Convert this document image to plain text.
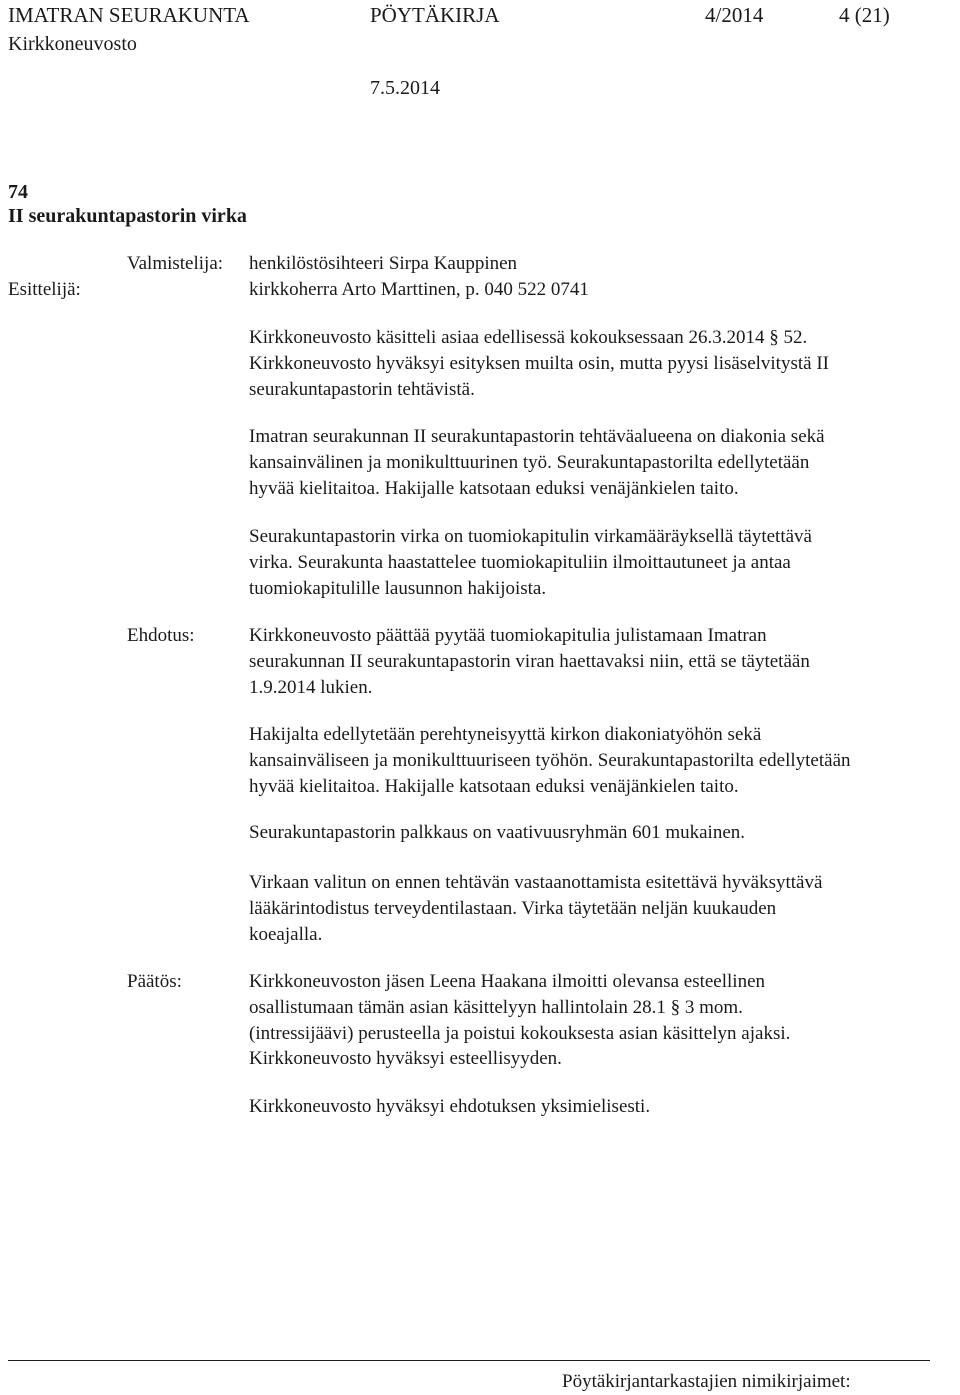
IMATRAN SEURAKUNTA	PÖYTÄKIRJA	4/2014	4 (21)
Kirkkoneuvosto
7.5.2014
74
II seurakuntapastorin virka
Valmistelija: henkilöstösihteeri Sirpa Kauppinen
Esittelijä:	kirkkoherra Arto Marttinen, p. 040 522 0741
Kirkkoneuvosto käsitteli asiaa edellisessä kokouksessaan 26.3.2014 § 52.
Kirkkoneuvosto hyväksyi esityksen muilta osin, mutta pyysi lisäselvitystä II
seurakuntapastorin tehtävistä.
Imatran seurakunnan II seurakuntapastorin tehtäväalueena on diakonia sekä
kansainvälinen ja monikulttuurinen työ. Seurakuntapastorilta edellytetään
hyvää kielitaitoa. Hakijalle katsotaan eduksi venäjänkielen taito.
Seurakuntapastorin virka on tuomiokapitulin virkamääräyksellä täytettävä
virka. Seurakunta haastattelee tuomiokapituliin ilmoittautuneet ja antaa
tuomiokapitulille lausunnon hakijoista.
Ehdotus:	Kirkkoneuvosto päättää pyytää tuomiokapitulia julistamaan Imatran
seurakunnan II seurakuntapastorin viran haettavaksi niin, että se täytetään
1.9.2014 lukien.
Hakijalta edellytetään perehtyneisyyttä kirkon diakoniatyöhön sekä
kansainväliseen ja monikulttuuriseen työhön. Seurakuntapastorilta edellytetään
hyvää kielitaitoa. Hakijalle katsotaan eduksi venäjänkielen taito.
Seurakuntapastorin palkkaus on vaativuusryhmän 601 mukainen.
Virkaan valitun on ennen tehtävän vastaanottamista esitettävä hyväksyttävä
lääkärintodistus terveydentilastaan. Virka täytetään neljän kuukauden
koeajalla.
Päätös:	Kirkkoneuvoston jäsen Leena Haakana ilmoitti olevansa esteellinen
osallistumaan tämän asian käsittelyyn hallintolain 28.1 § 3 mom.
(intressijäävi) perusteella ja poistui kokouksesta asian käsittelyn ajaksi.
Kirkkoneuvosto hyväksyi esteellisyyden.
Kirkkoneuvosto hyväksyi ehdotuksen yksimielisesti.
Pöytäkirjantarkastajien nimikirjaimet:
